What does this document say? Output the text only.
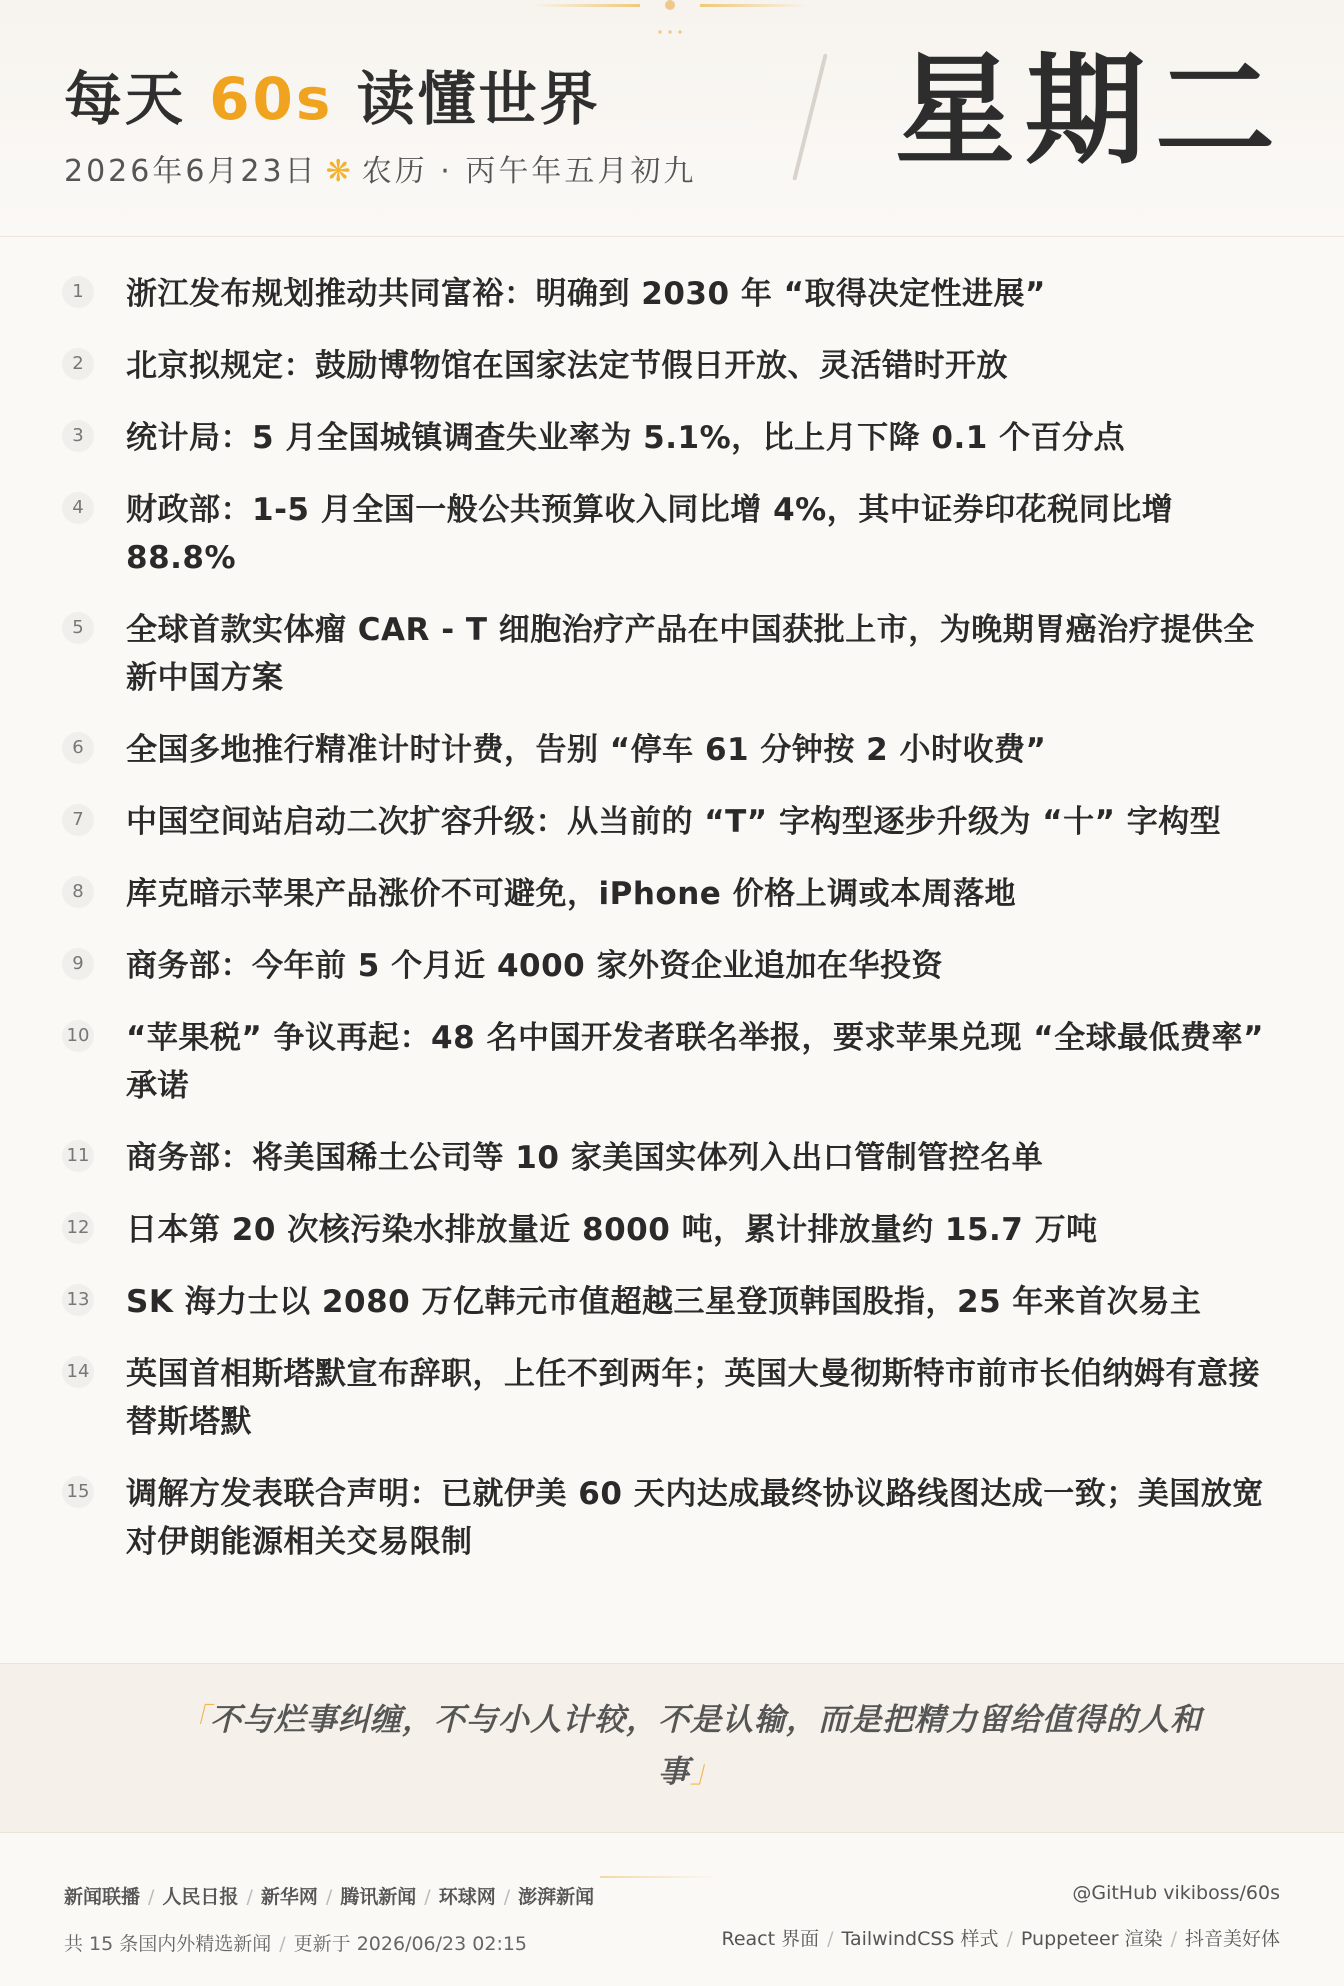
每天 60s 读懂世界
2026年6月23日 ❋ 农历 · 丙午年五月初九 星期二
1	浙江发布规划推动共同富裕：明确到 2030 年 “取得决定性进展”
2	北京拟规定：鼓励博物馆在国家法定节假日开放、灵活错时开放
3	统计局：5 月全国城镇调查失业率为 5.1%，比上月下降 0.1 个百分点
4	财政部：1-5 月全国一般公共预算收入同比增 4%，其中证券印花税同比增 88.8%
5	全球首款实体瘤 CAR - T 细胞治疗产品在中国获批上市，为晚期胃癌治疗提供全新中国方案
6	全国多地推行精准计时计费，告别 “停车 61 分钟按 2 小时收费”
7	中国空间站启动二次扩容升级：从当前的 “T” 字构型逐步升级为 “十” 字构型
8	库克暗示苹果产品涨价不可避免，iPhone 价格上调或本周落地
9	商务部：今年前 5 个月近 4000 家外资企业追加在华投资
10 “苹果税” 争议再起：48 名中国开发者联名举报，要求苹果兑现 “全球最低费率” 承诺
11 商务部：将美国稀土公司等 10 家美国实体列入出口管制管控名单
12 日本第 20 次核污染水排放量近 8000 吨，累计排放量约 15.7 万吨
13 SK 海力士以 2080 万亿韩元市值超越三星登顶韩国股指，25 年来首次易主
14 英国首相斯塔默宣布辞职，上任不到两年；英国大曼彻斯特市前市长伯纳姆有意接替斯塔默
15 调解方发表联合声明：已就伊美 60 天内达成最终协议路线图达成一致；美国放宽对伊朗能源相关交易限制
「不与烂事纠缠，不与小人计较，不是认输，而是把精力留给值得的人和事」
新闻联播 / 人民日报 / 新华网 / 腾讯新闻 / 环球网 / 澎湃新闻
共 15 条国内外精选新闻 / 更新于 2026/06/23 02:15
@GitHub vikiboss/60s
React 界面 / TailwindCSS 样式 / Puppeteer 渲染 / 抖音美好体
